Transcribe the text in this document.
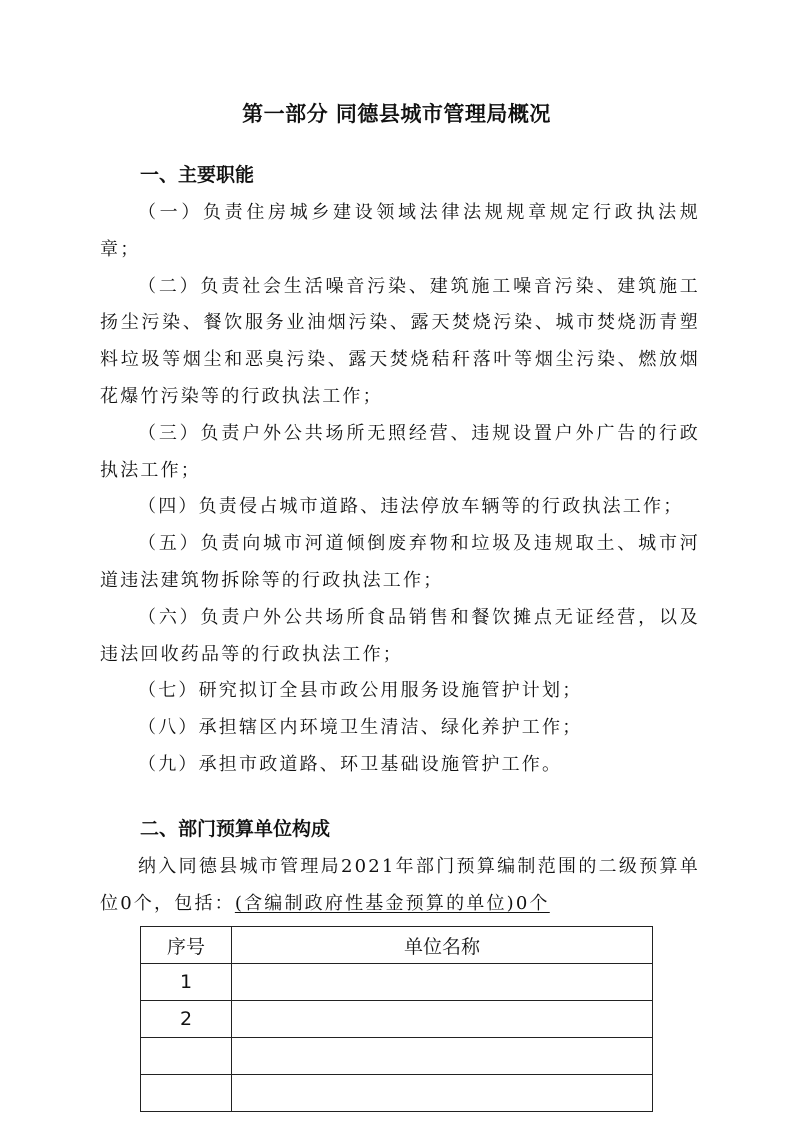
第一部分 同德县城市管理局概况
一、主要职能

（一）负责住房城乡建设领域法律法规规章规定行政执法规章；

（二）负责社会生活噪音污染、建筑施工噪音污染、建筑施工扬尘污染、餐饮服务业油烟污染、露天焚烧污染、城市焚烧沥青塑料垃圾等烟尘和恶臭污染、露天焚烧秸秆落叶等烟尘污染、燃放烟花爆竹污染等的行政执法工作；

（三）负责户外公共场所无照经营、违规设置户外广告的行政执法工作；

（四）负责侵占城市道路、违法停放车辆等的行政执法工作；

（五）负责向城市河道倾倒废弃物和垃圾及违规取土、城市河道违法建筑物拆除等的行政执法工作；

（六）负责户外公共场所食品销售和餐饮摊点无证经营，以及违法回收药品等的行政执法工作；

（七）研究拟订全县市政公用服务设施管护计划；

（八）承担辖区内环境卫生清洁、绿化养护工作；

（九）承担市政道路、环卫基础设施管护工作。

二、部门预算单位构成

纳入同德县城市管理局2021年部门预算编制范围的二级预算单位0个，包括：(含编制政府性基金预算的单位)0个

序号	单位名称
1	
2	
